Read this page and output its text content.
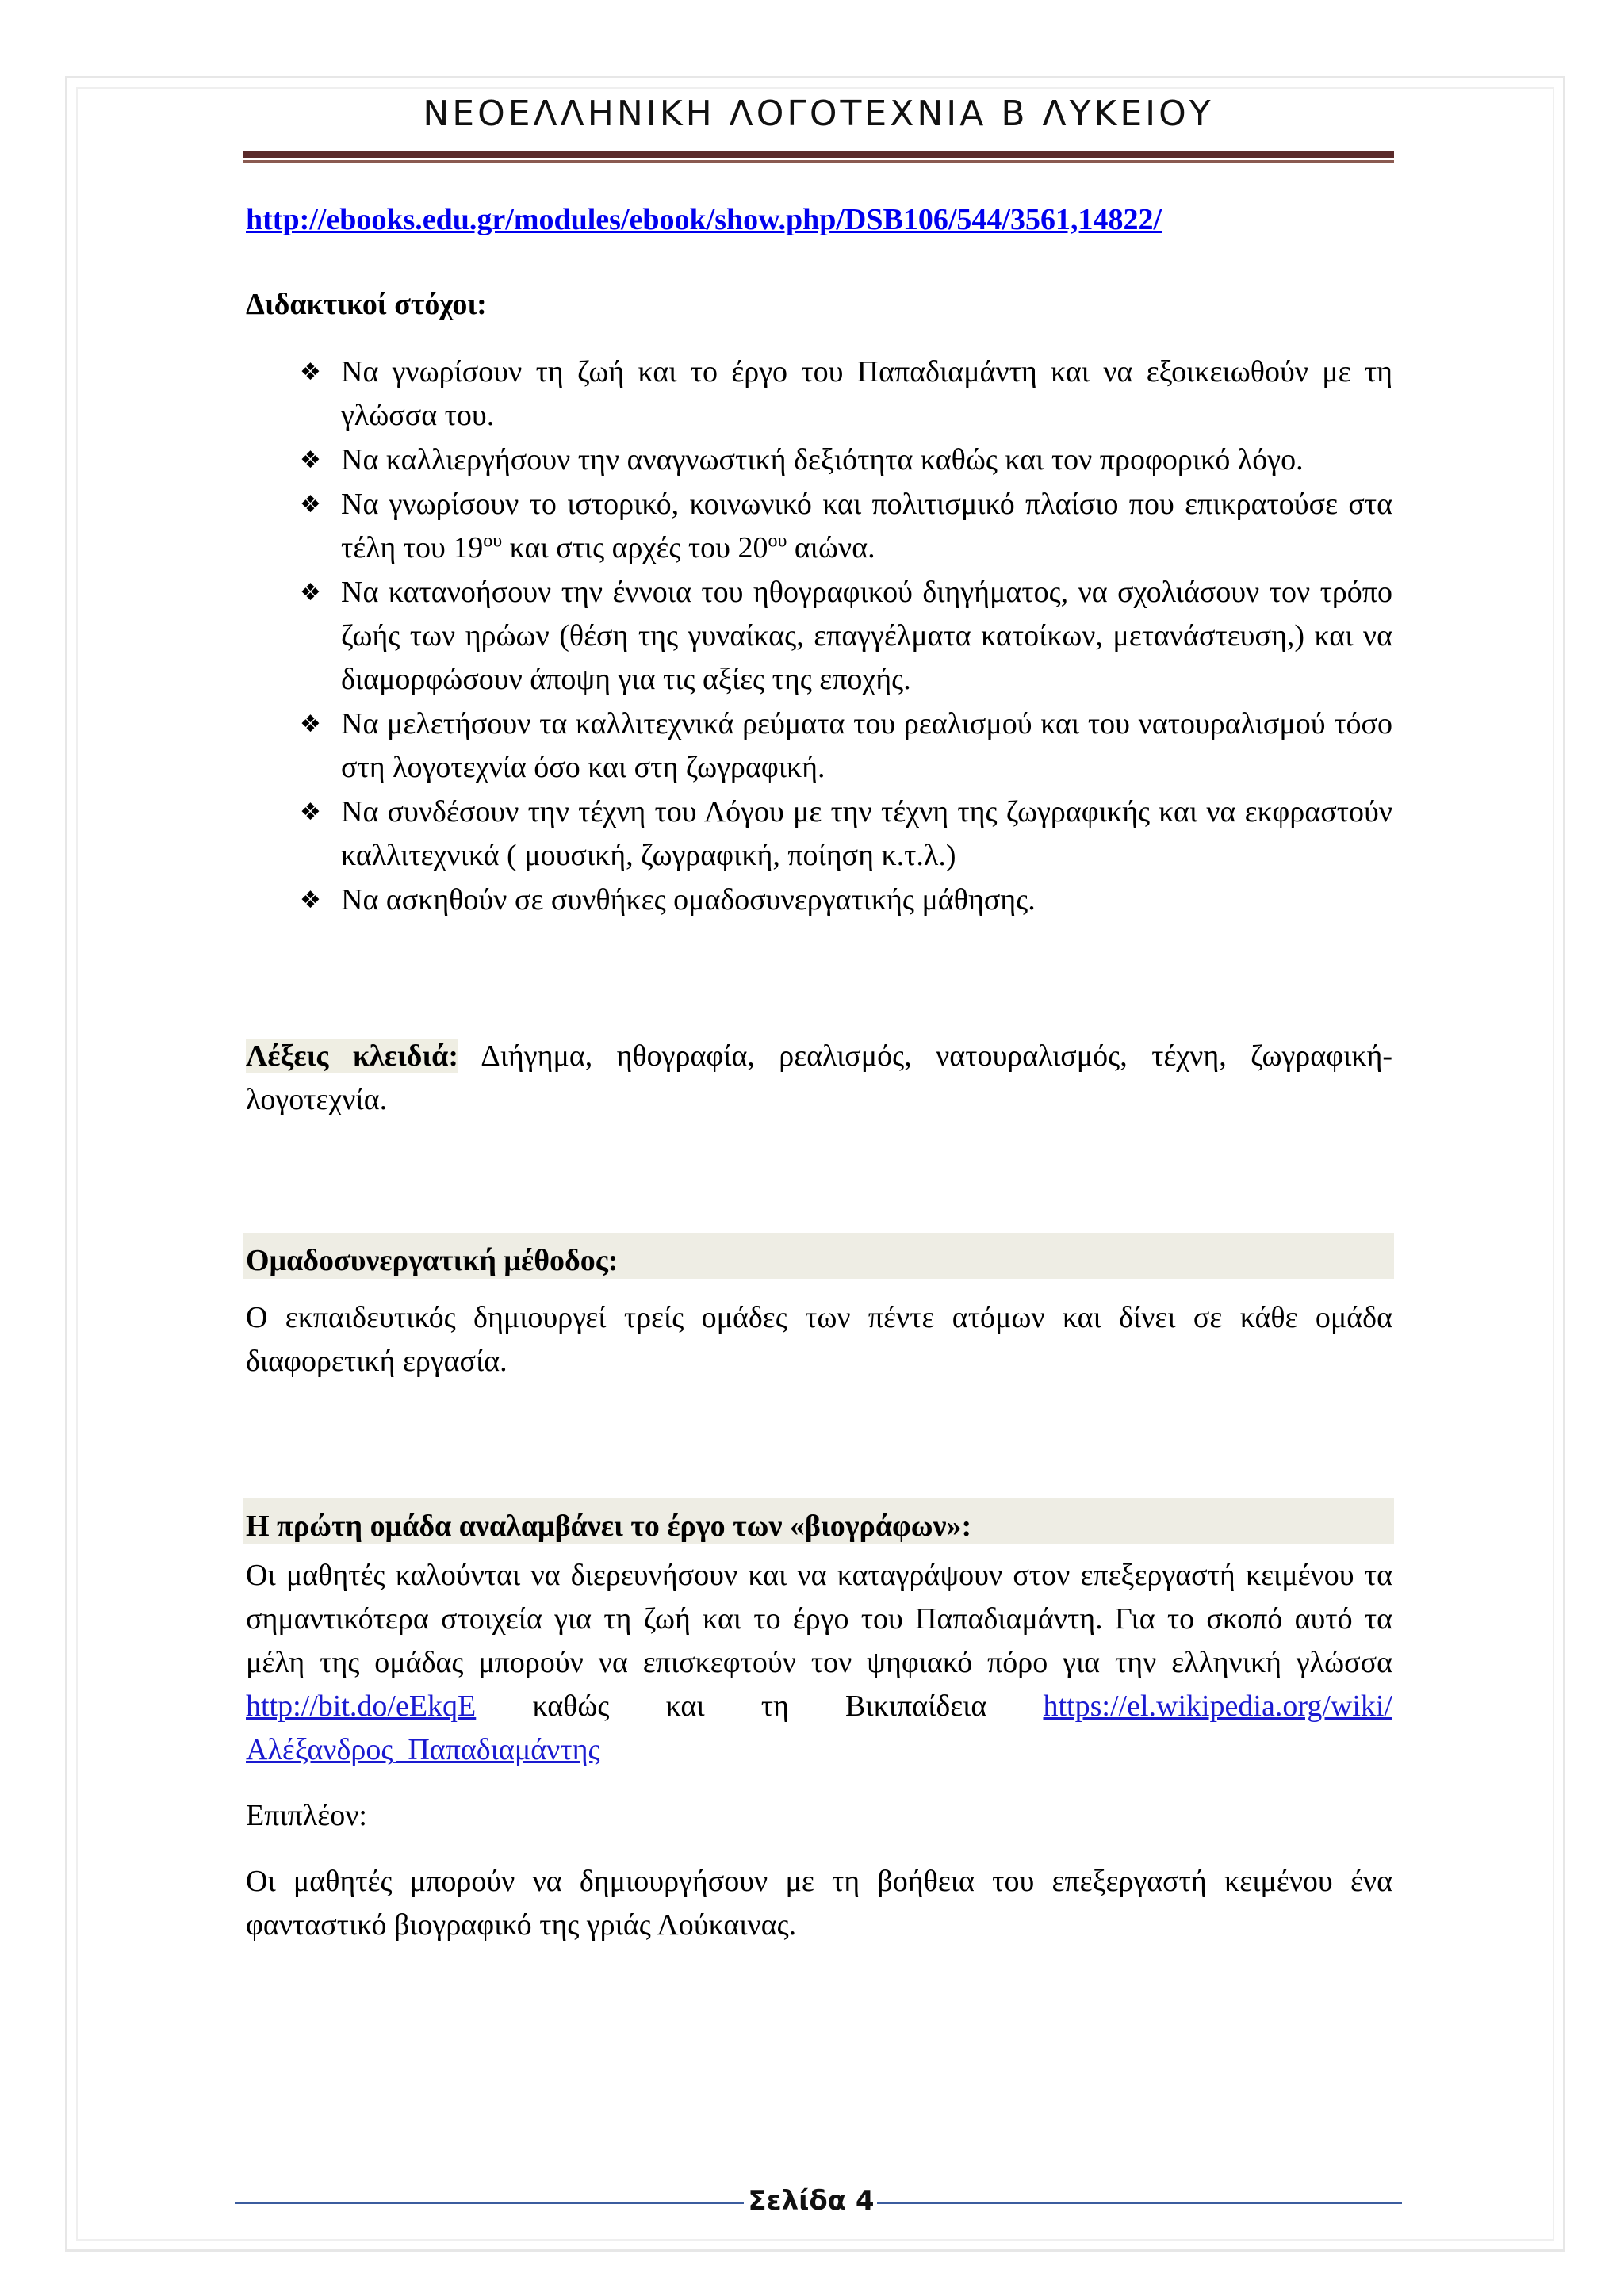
ΝΕΟΕΛΛΗΝΙΚΗ ΛΟΓΟΤΕΧΝΙΑ Β ΛΥΚΕΙΟΥ
http://ebooks.edu.gr/modules/ebook/show.php/DSB106/544/3561,14822/
Διδακτικοί στόχοι:
❖ Να γνωρίσουν τη ζωή και το έργο του Παπαδιαμάντη και να εξοικειωθούν με τη γλώσσα του.
❖ Να καλλιεργήσουν την αναγνωστική δεξιότητα καθώς και τον προφορικό λόγο.
❖ Να γνωρίσουν το ιστορικό, κοινωνικό και πολιτισμικό πλαίσιο που επικρατούσε στα τέλη του $19^{o\upsilon}$ και στις αρχές του $20^{o\upsilon}$ αιώνα.
❖ Να κατανοήσουν την έννοια του ηθογραφικού διηγήματος, να σχολιάσουν τον τρόπο ζωής των ηρώων (θέση της γυναίκας, επαγγέλματα κατοίκων, μετανάστευση,) και να διαμορφώσουν άποψη για τις αξίες της εποχής.
❖ Να μελετήσουν τα καλλιτεχνικά ρεύματα του ρεαλισμού και του νατουραλισμού τόσο στη λογοτεχνία όσο και στη ζωγραφική.
❖ Να συνδέσουν την τέχνη του Λόγου με την τέχνη της ζωγραφικής και να εκφραστούν καλλιτεχνικά ( μουσική, ζωγραφική, ποίηση κ.τ.λ.)
❖ Να ασκηθούν σε συνθήκες ομαδοσυνεργατικής μάθησης.
Λέξεις κλειδιά: Διήγημα, ηθογραφία, ρεαλισμός, νατουραλισμός, τέχνη, ζωγραφική-λογοτεχνία.
Ομαδοσυνεργατική μέθοδος:
Ο εκπαιδευτικός δημιουργεί τρείς ομάδες των πέντε ατόμων και δίνει σε κάθε ομάδα διαφορετική εργασία.
Η πρώτη ομάδα αναλαμβάνει το έργο των «βιογράφων»:
Οι μαθητές καλούνται να διερευνήσουν και να καταγράψουν στον επεξεργαστή κειμένου τα σημαντικότερα στοιχεία για τη ζωή και το έργο του Παπαδιαμάντη. Για το σκοπό αυτό τα μέλη της ομάδας μπορούν να επισκεφτούν τον ψηφιακό πόρο για την ελληνική γλώσσα http://bit.do/eEkqE καθώς και τη Βικιπαίδεια https://el.wikipedia.org/wiki/Αλέξανδρος_Παπαδιαμάντης
Επιπλέον:
Οι μαθητές μπορούν να δημιουργήσουν με τη βοήθεια του επεξεργαστή κειμένου ένα φανταστικό βιογραφικό της γριάς Λούκαινας.
Σελίδα 4
